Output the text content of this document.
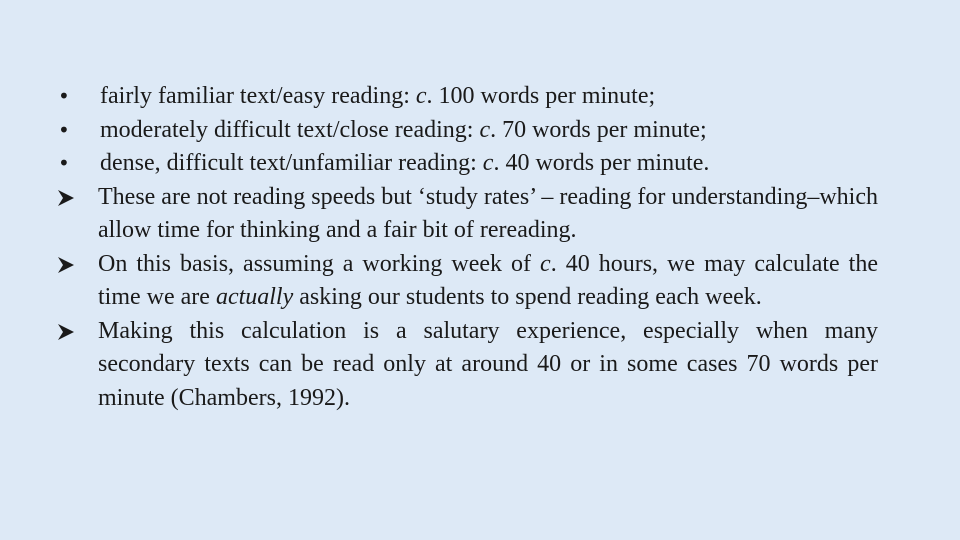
•	fairly familiar text/easy reading: c. 100 words per minute;
•	moderately difficult text/close reading: c. 70 words per minute;
•	dense, difficult text/unfamiliar reading: c. 40 words per minute.
These are not reading speeds but ‘study rates’ – reading for understanding–which allow time for thinking and a fair bit of rereading.
On this basis, assuming a working week of c. 40 hours, we may calculate the time we are actually asking our students to spend reading each week.
Making this calculation is a salutary experience, especially when many secondary texts can be read only at around 40 or in some cases 70 words per minute (Chambers, 1992).
